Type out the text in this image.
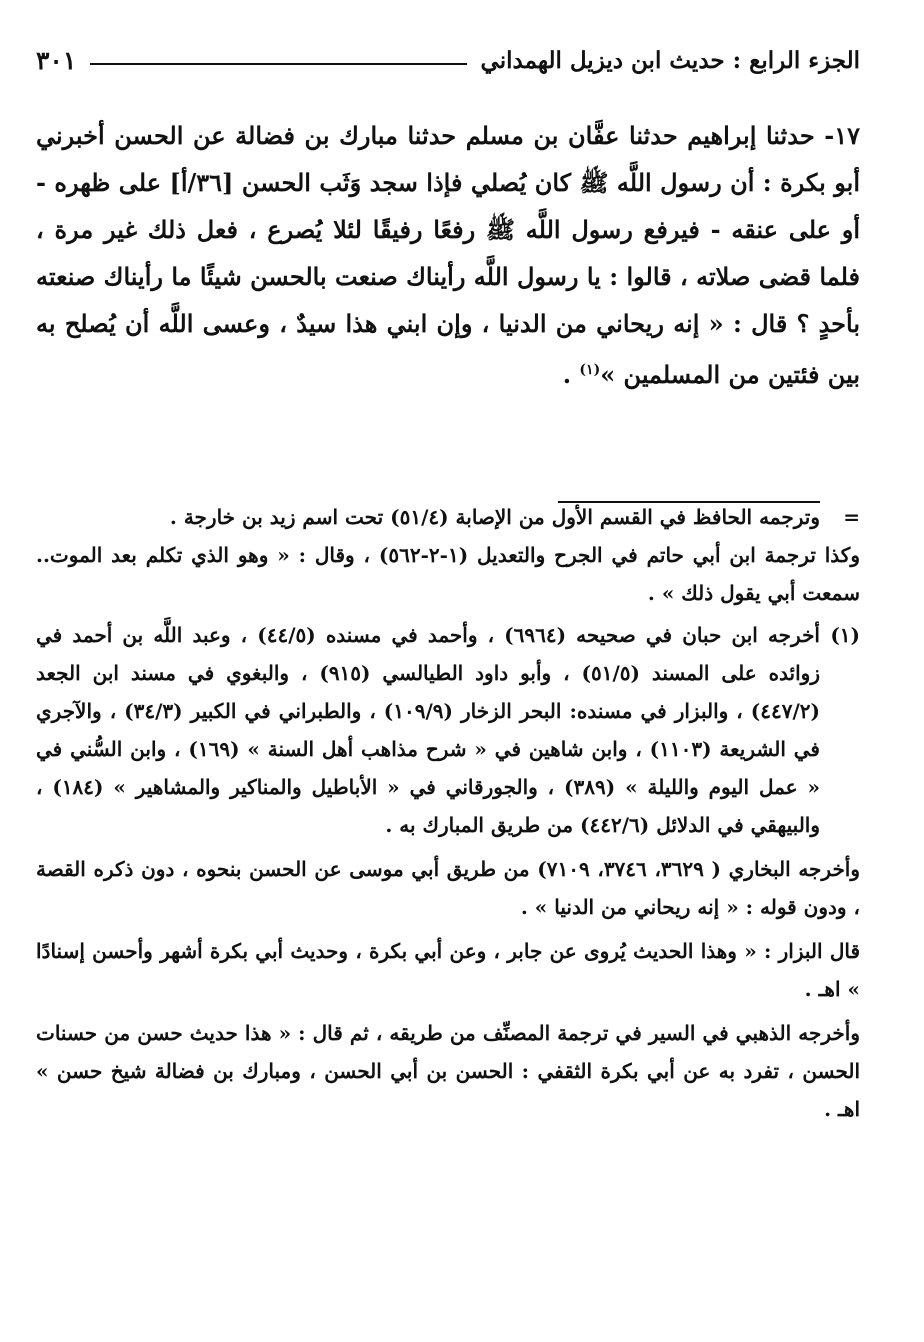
الجزء الرابع : حديث ابن ديزيل الهمداني
٣٠١

١٧- حدثنا إبراهيم حدثنا عفَّان بن مسلم حدثنا مبارك بن فضالة عن الحسن أخبرني أبو بكرة : أن رسول اللَّه ﷺ كان يُصلي فإذا سجد وَثَب الحسن [٣٦/أ] على ظهره - أو على عنقه - فيرفع رسول اللَّه ﷺ رفعًا رفيقًا لئلا يُصرع ، فعل ذلك غير مرة ، فلما قضى صلاته ، قالوا : يا رسول اللَّه رأيناك صنعت بالحسن شيئًا ما رأيناك صنعته بأحدٍ ؟ قال : « إنه ريحاني من الدنيا ، وإن ابني هذا سيدٌ ، وعسى اللَّه أن يُصلح به بين فئتين من المسلمين »$^{(١)}$ .

=

وترجمه الحافظ في القسم الأول من الإصابة (٥١/٤) تحت اسم زيد بن خارجة .

وكذا ترجمة ابن أبي حاتم في الجرح والتعديل (١-٢-٥٦٢) ، وقال : « وهو الذي تكلم بعد الموت.. سمعت أبي يقول ذلك » .

(١)

أخرجه ابن حبان في صحيحه (٦٩٦٤) ، وأحمد في مسنده (٤٤/٥) ، وعبد اللَّه بن أحمد في زوائده على المسند (٥١/٥) ، وأبو داود الطيالسي (٩١٥) ، والبغوي في مسند ابن الجعد (٤٤٧/٢) ، والبزار في مسنده: البحر الزخار (١٠٩/٩) ، والطبراني في الكبير (٣٤/٣) ، والآجري في الشريعة (١١٠٣) ، وابن شاهين في « شرح مذاهب أهل السنة » (١٦٩) ، وابن السُّني في « عمل اليوم والليلة » (٣٨٩) ، والجورقاني في « الأباطيل والمناكير والمشاهير » (١٨٤) ، والبيهقي في الدلائل (٤٤٢/٦) من طريق المبارك به .

وأخرجه البخاري ( ٣٦٢٩، ٣٧٤٦، ٧١٠٩) من طريق أبي موسى عن الحسن بنحوه ، دون ذكره القصة ، ودون قوله : « إنه ريحاني من الدنيا » .

قال البزار : « وهذا الحديث يُروى عن جابر ، وعن أبي بكرة ، وحديث أبي بكرة أشهر وأحسن إسنادًا » اهـ .

وأخرجه الذهبي في السير في ترجمة المصنِّف من طريقه ، ثم قال : « هذا حديث حسن من حسنات الحسن ، تفرد به عن أبي بكرة الثقفي : الحسن بن أبي الحسن ، ومبارك بن فضالة شيخ حسن » اهـ .
